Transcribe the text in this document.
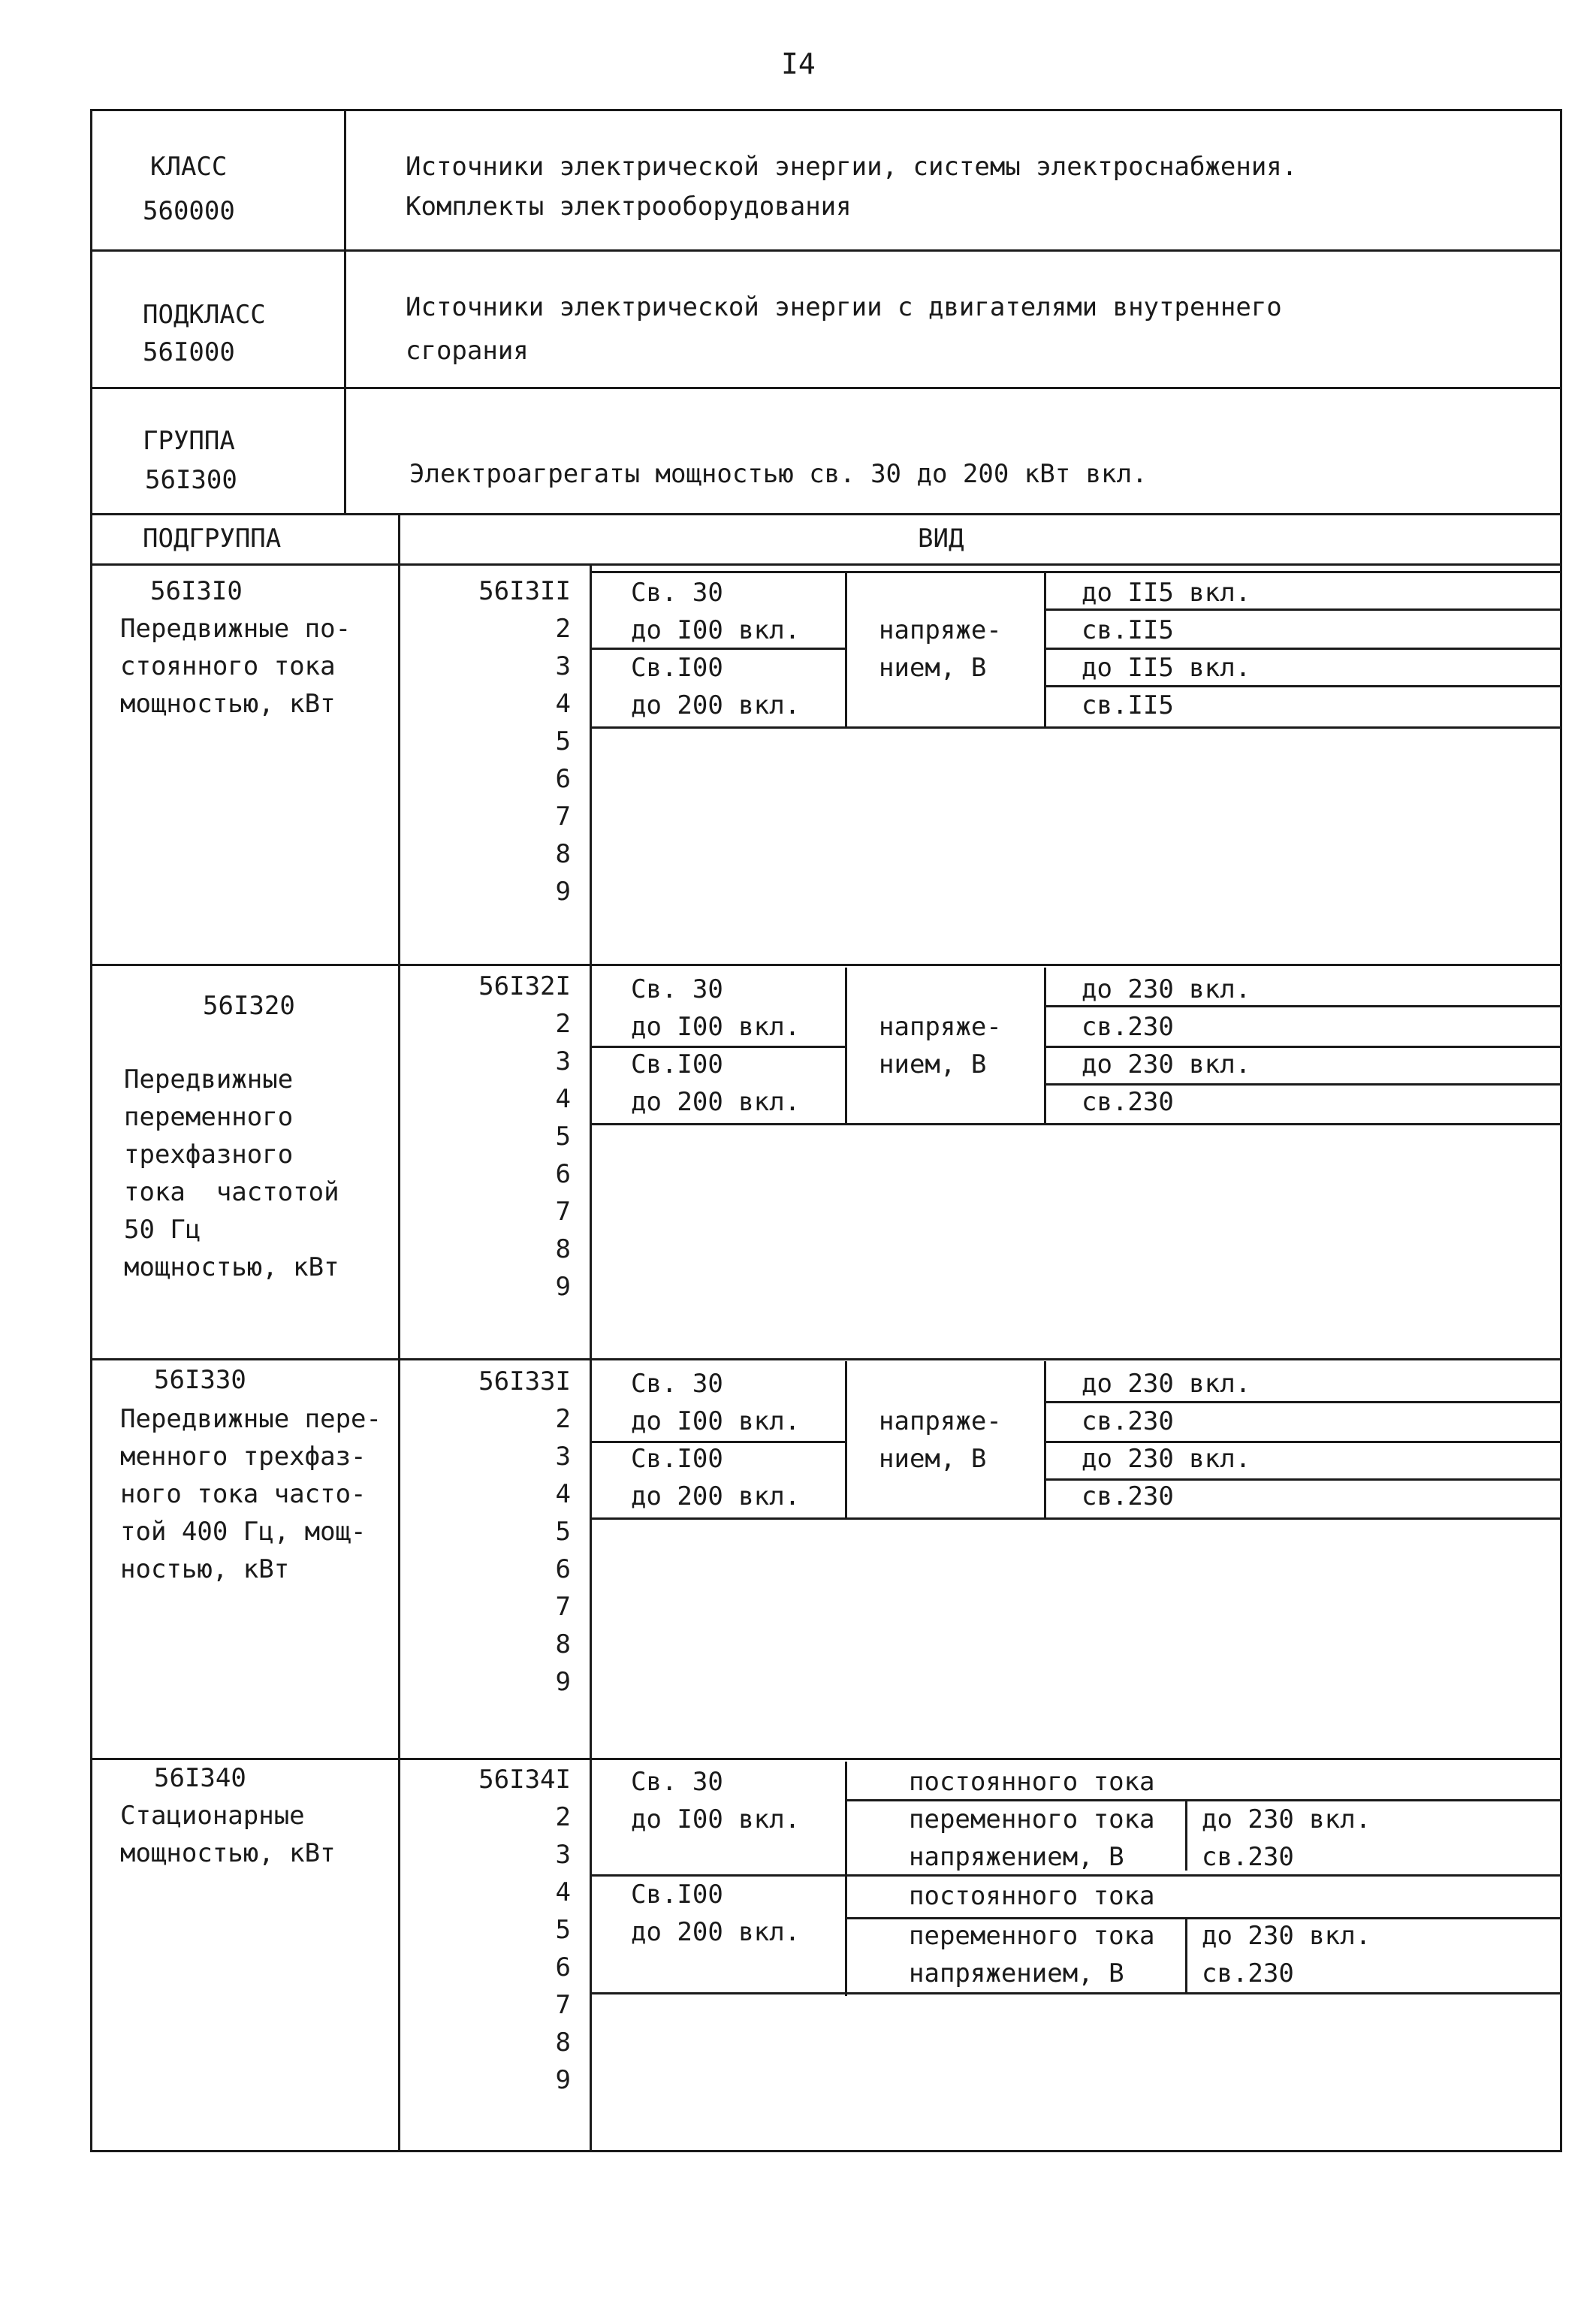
I4
КЛАСС
560000
Источники электрической энергии, системы электроснабжения.
Комплекты электрооборудования
ПОДКЛАСС
56I000
Источники электрической энергии с двигателями внутреннего
сгорания
ГРУППА
56I300	Электроагрегаты мощностью св. 30 до 200 кВт вкл.
ПОДГРУППА	ВИД
56I3I0
Передвижные по-
стоянного тока
мощностью, кВт
56I3II
2
3
4
5
6
7
8
9
Св. 30
до I00 вкл.
Св.I00
до 200 вкл.
напряже-
нием, В
до II5 вкл.
св.II5
до II5 вкл.
св.II5
56I320
Передвижные
переменного
трехфазного
тока  частотой
50 Гц
мощностью, кВт
56I32I
2
3
4
5
6
7
8
9
Св. 30
до I00 вкл.
Св.I00
до 200 вкл.
напряже-
нием, В
до 230 вкл.
св.230
до 230 вкл.
св.230
56I330
Передвижные пере-
менного трехфаз-
ного тока часто-
той 400 Гц, мощ-
ностью, кВт
56I33I
2
3
4
5
6
7
8
9
Св. 30
до I00 вкл.
Св.I00
до 200 вкл.
напряже-
нием, В
до 230 вкл.
св.230
до 230 вкл.
св.230
56I340
Стационарные
мощностью, кВт
56I34I
2
3
4
5
6
7
8
9
Св. 30
до I00 вкл.
Св.I00
до 200 вкл.
постоянного тока
переменного тока
напряжением, В
до 230 вкл.
св.230
постоянного тока
переменного тока
напряжением, В
до 230 вкл.
св.230
